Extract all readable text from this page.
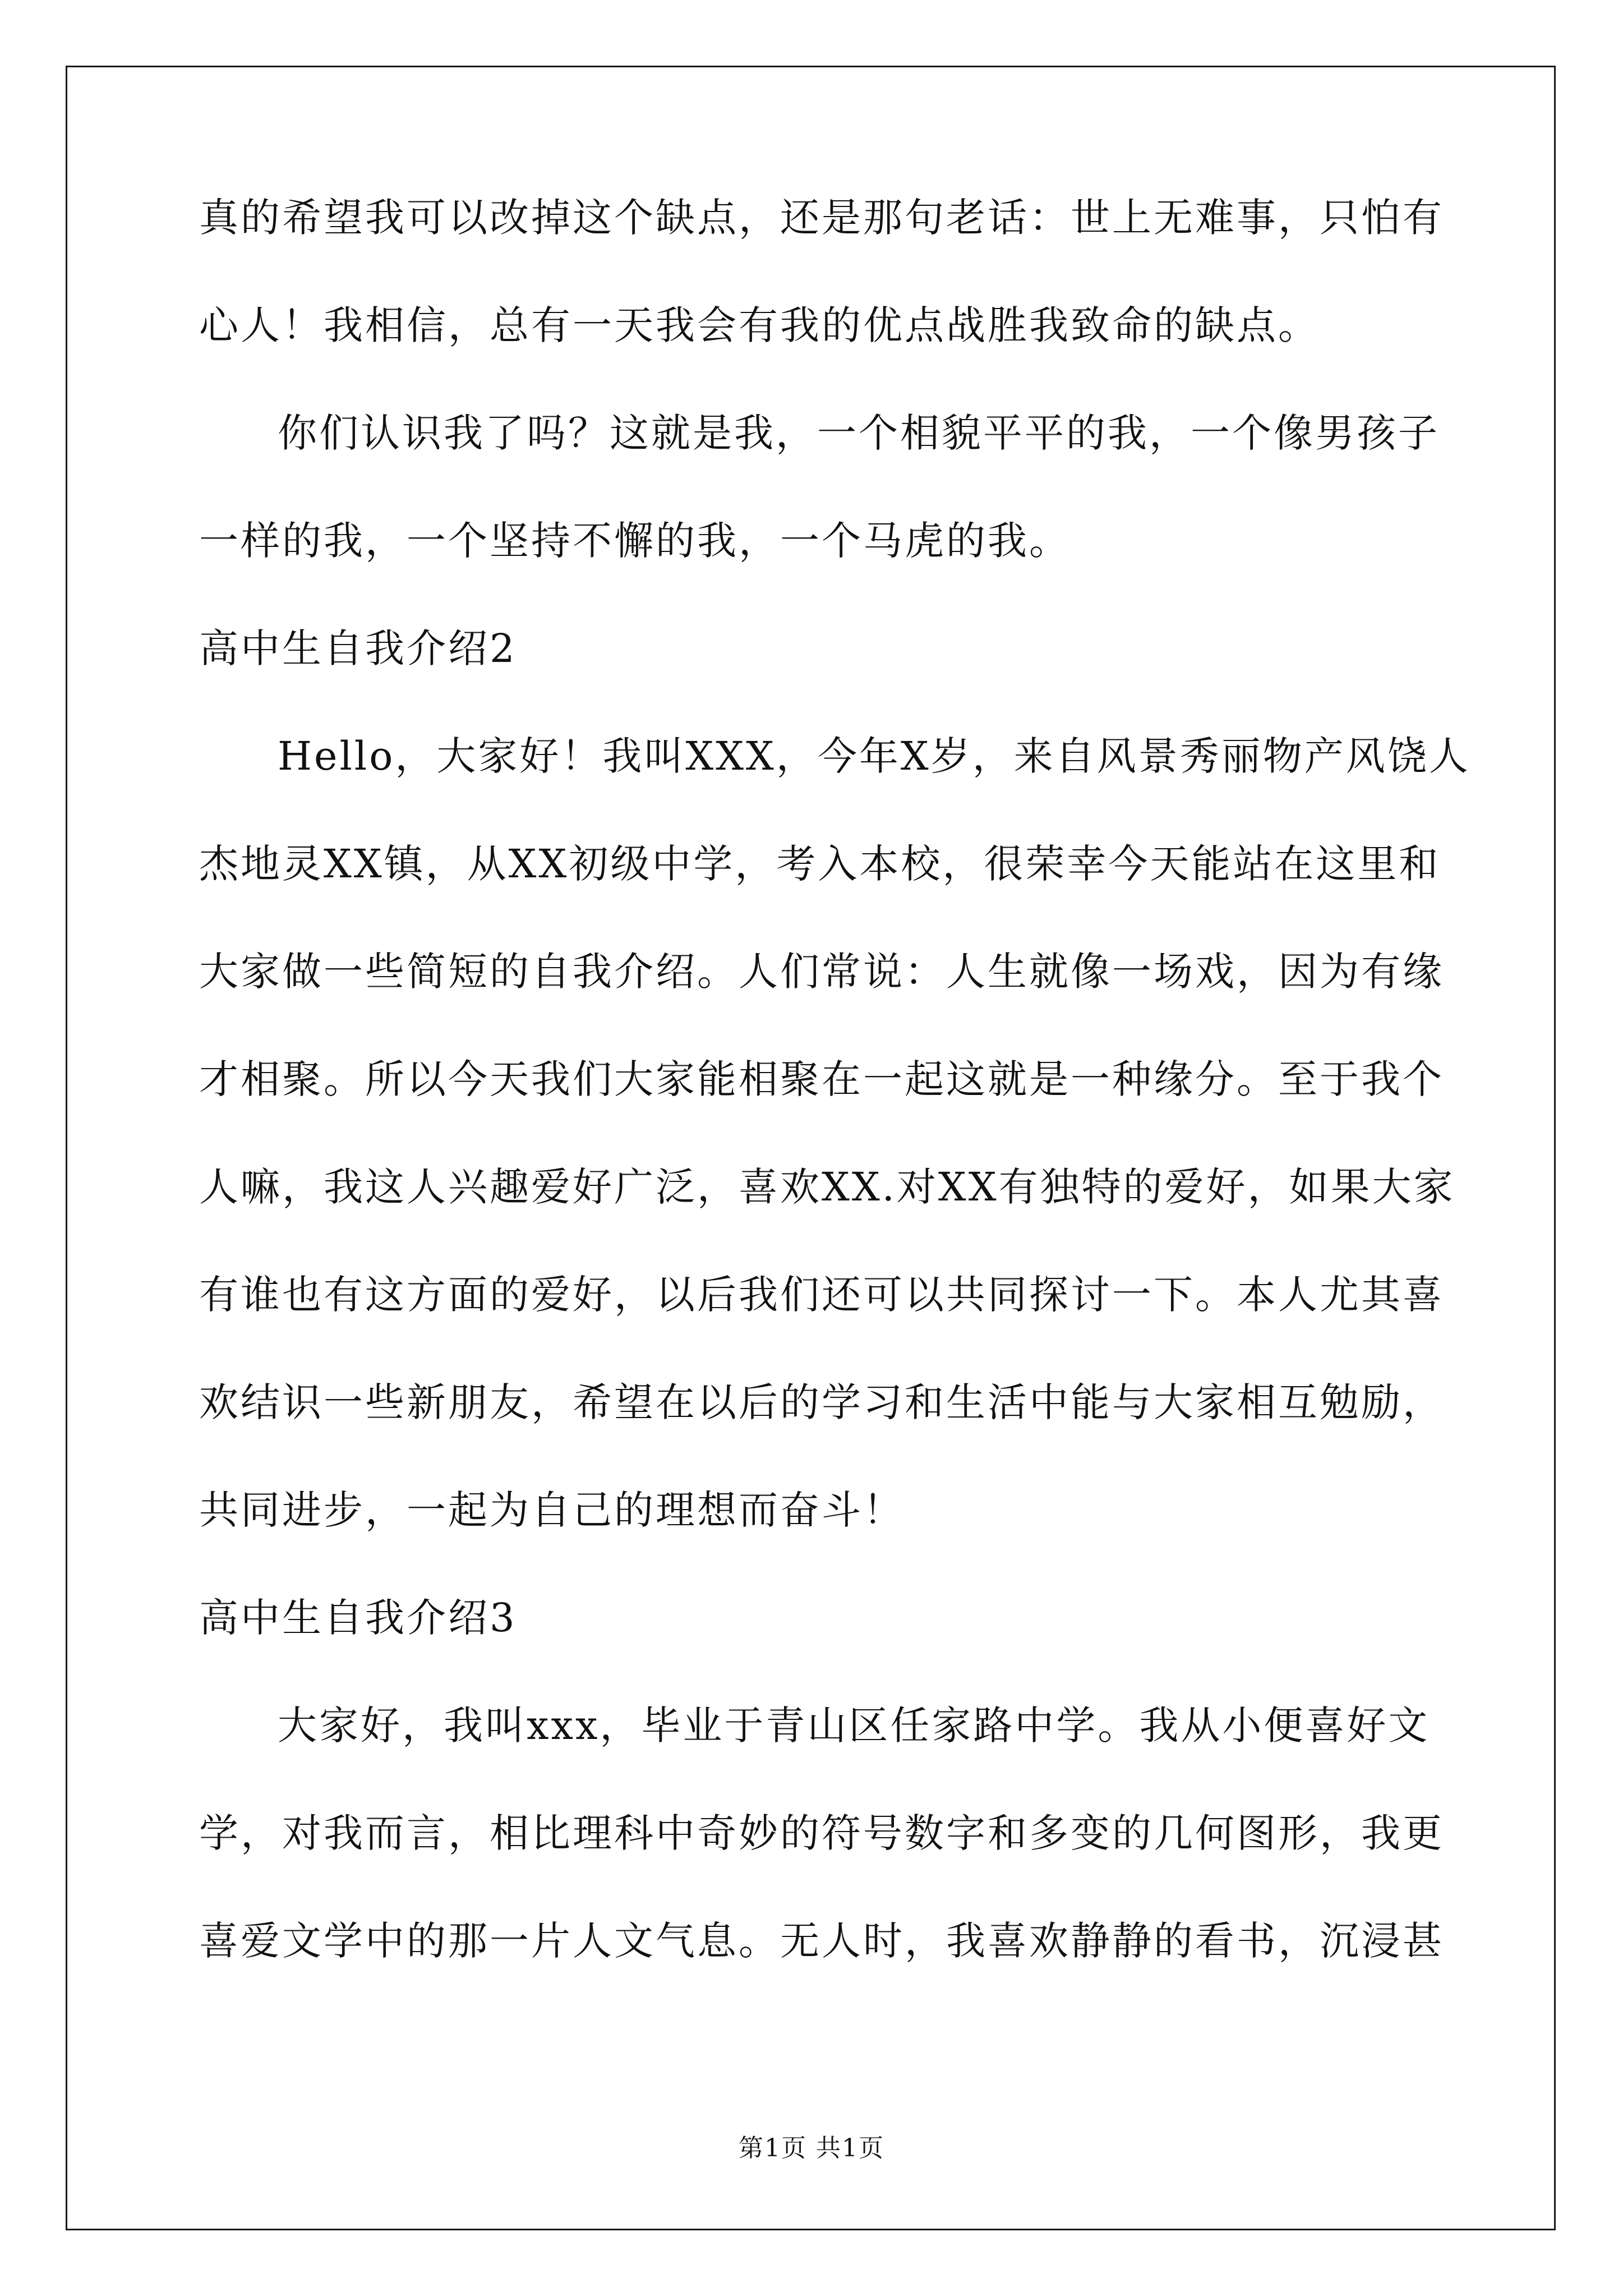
真的希望我可以改掉这个缺点，还是那句老话：世上无难事，只怕有
心人！我相信，总有一天我会有我的优点战胜我致命的缺点。
你们认识我了吗？这就是我，一个相貌平平的我，一个像男孩子
一样的我，一个坚持不懈的我，一个马虎的我。
高中生自我介绍2
Hello，大家好！我叫XXX，今年X岁，来自风景秀丽物产风饶人
杰地灵XX镇，从XX初级中学，考入本校，很荣幸今天能站在这里和
大家做一些简短的自我介绍。人们常说：人生就像一场戏，因为有缘
才相聚。所以今天我们大家能相聚在一起这就是一种缘分。至于我个
人嘛，我这人兴趣爱好广泛，喜欢XX.对XX有独特的爱好，如果大家
有谁也有这方面的爱好，以后我们还可以共同探讨一下。本人尤其喜
欢结识一些新朋友，希望在以后的学习和生活中能与大家相互勉励，
共同进步，一起为自己的理想而奋斗！
高中生自我介绍3
大家好，我叫xxx，毕业于青山区任家路中学。我从小便喜好文
学，对我而言，相比理科中奇妙的符号数字和多变的几何图形，我更
喜爱文学中的那一片人文气息。无人时，我喜欢静静的看书，沉浸甚
第1页 共1页
